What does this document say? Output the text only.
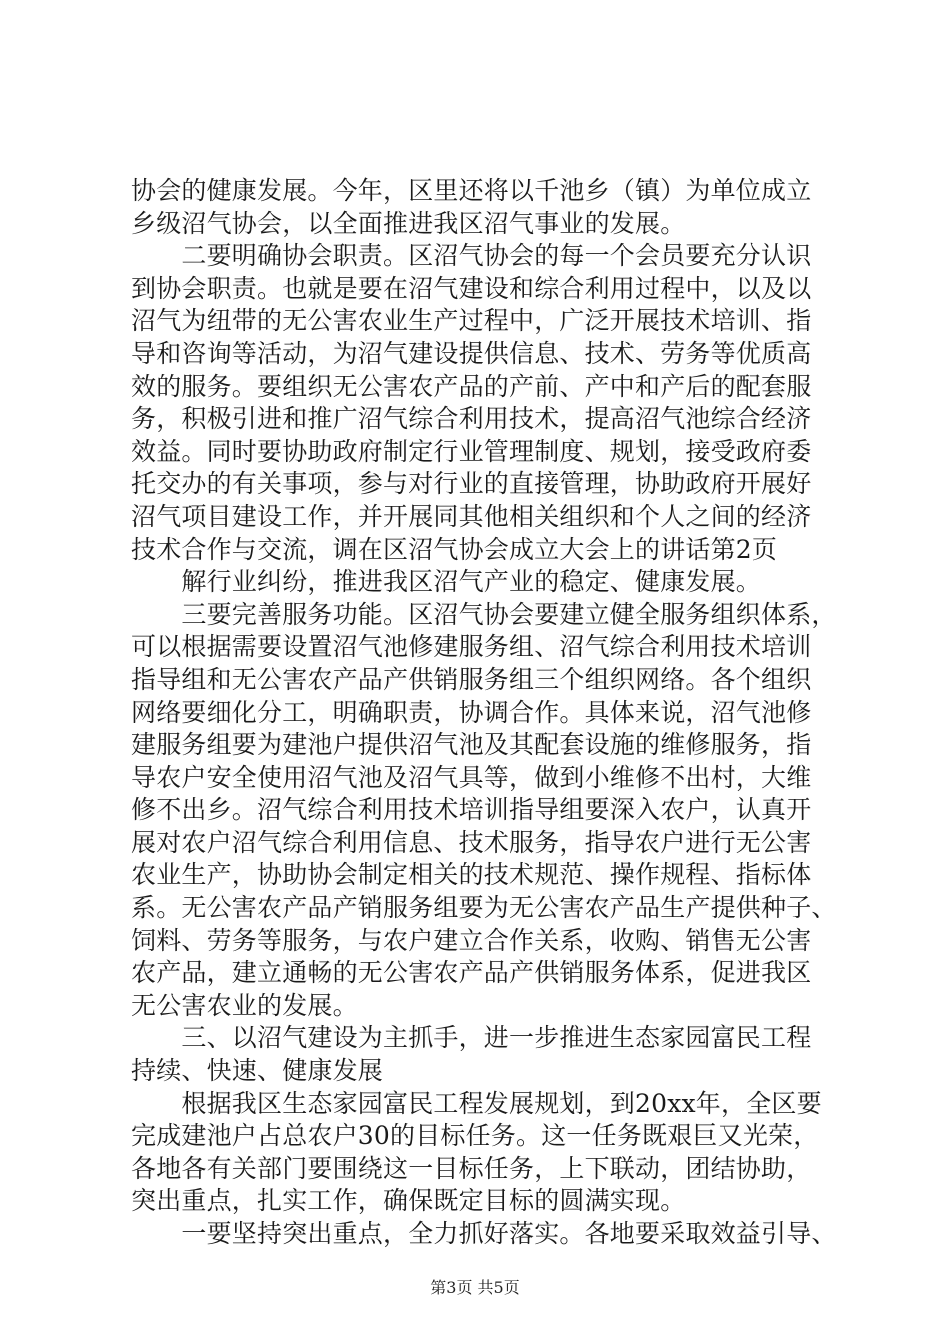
协会的健康发展。今年，区里还将以千池乡（镇）为单位成立
乡级沼气协会，以全面推进我区沼气事业的发展。
　　二要明确协会职责。区沼气协会的每一个会员要充分认识
到协会职责。也就是要在沼气建设和综合利用过程中，以及以
沼气为纽带的无公害农业生产过程中，广泛开展技术培训、指
导和咨询等活动，为沼气建设提供信息、技术、劳务等优质高
效的服务。要组织无公害农产品的产前、产中和产后的配套服
务，积极引进和推广沼气综合利用技术，提高沼气池综合经济
效益。同时要协助政府制定行业管理制度、规划，接受政府委
托交办的有关事项，参与对行业的直接管理，协助政府开展好
沼气项目建设工作，并开展同其他相关组织和个人之间的经济
技术合作与交流，调在区沼气协会成立大会上的讲话第2页
　　解行业纠纷，推进我区沼气产业的稳定、健康发展。
　　三要完善服务功能。区沼气协会要建立健全服务组织体系，
可以根据需要设置沼气池修建服务组、沼气综合利用技术培训
指导组和无公害农产品产供销服务组三个组织网络。各个组织
网络要细化分工，明确职责，协调合作。具体来说，沼气池修
建服务组要为建池户提供沼气池及其配套设施的维修服务，指
导农户安全使用沼气池及沼气具等，做到小维修不出村，大维
修不出乡。沼气综合利用技术培训指导组要深入农户，认真开
展对农户沼气综合利用信息、技术服务，指导农户进行无公害
农业生产，协助协会制定相关的技术规范、操作规程、指标体
系。无公害农产品产销服务组要为无公害农产品生产提供种子、
饲料、劳务等服务，与农户建立合作关系，收购、销售无公害
农产品，建立通畅的无公害农产品产供销服务体系，促进我区
无公害农业的发展。
　　三、以沼气建设为主抓手，进一步推进生态家园富民工程
持续、快速、健康发展
　　根据我区生态家园富民工程发展规划，到20xx年，全区要
完成建池户占总农户30的目标任务。这一任务既艰巨又光荣，
各地各有关部门要围绕这一目标任务，上下联动，团结协助，
突出重点，扎实工作，确保既定目标的圆满实现。
　　一要坚持突出重点，全力抓好落实。各地要采取效益引导、
第3页 共5页
